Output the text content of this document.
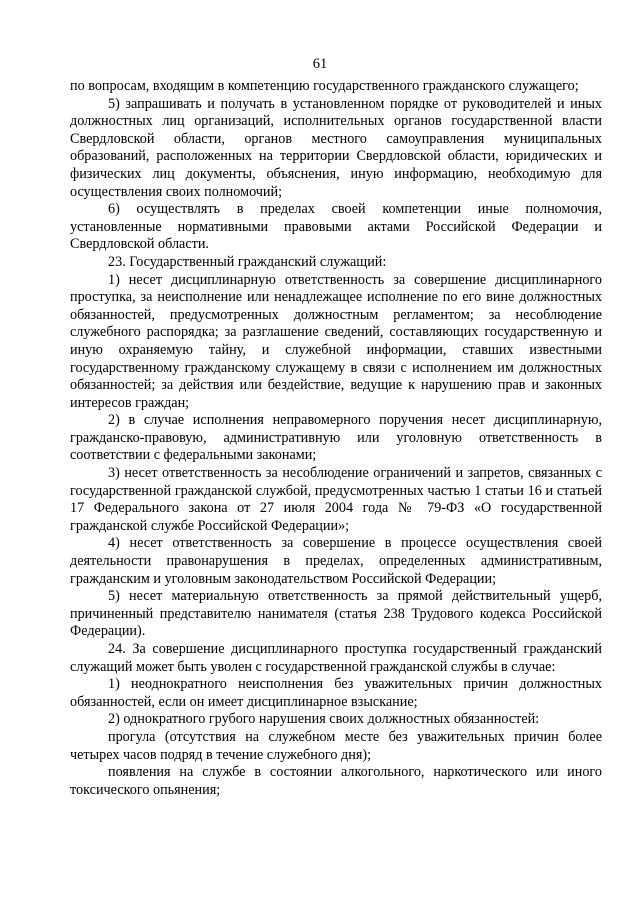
61

по вопросам, входящим в компетенцию государственного гражданского служащего;

5) запрашивать и получать в установленном порядке от руководителей и иных должностных лиц организаций, исполнительных органов государственной власти Свердловской области, органов местного самоуправления муниципальных образований, расположенных на территории Свердловской области, юридических и физических лиц документы, объяснения, иную информацию, необходимую для осуществления своих полномочий;

6) осуществлять в пределах своей компетенции иные полномочия, установленные нормативными правовыми актами Российской Федерации и Свердловской области.

23. Государственный гражданский служащий:

1) несет дисциплинарную ответственность за совершение дисциплинарного проступка, за неисполнение или ненадлежащее исполнение по его вине должностных обязанностей, предусмотренных должностным регламентом; за несоблюдение служебного распорядка; за разглашение сведений, составляющих государственную и иную охраняемую тайну, и служебной информации, ставших известными государственному гражданскому служащему в связи с исполнением им должностных обязанностей; за действия или бездействие, ведущие к нарушению прав и законных интересов граждан;

2) в случае исполнения неправомерного поручения несет дисциплинарную, гражданско-правовую, административную или уголовную ответственность в соответствии с федеральными законами;

3) несет ответственность за несоблюдение ограничений и запретов, связанных с государственной гражданской службой, предусмотренных частью 1 статьи 16 и статьей 17 Федерального закона от 27 июля 2004 года № 79-ФЗ «О государственной гражданской службе Российской Федерации»;

4) несет ответственность за совершение в процессе осуществления своей деятельности правонарушения в пределах, определенных административным, гражданским и уголовным законодательством Российской Федерации;

5) несет материальную ответственность за прямой действительный ущерб, причиненный представителю нанимателя (статья 238 Трудового кодекса Российской Федерации).

24. За совершение дисциплинарного проступка государственный гражданский служащий может быть уволен с государственной гражданской службы в случае:

1) неоднократного неисполнения без уважительных причин должностных обязанностей, если он имеет дисциплинарное взыскание;

2) однократного грубого нарушения своих должностных обязанностей:

прогула (отсутствия на служебном месте без уважительных причин более четырех часов подряд в течение служебного дня);

появления на службе в состоянии алкогольного, наркотического или иного токсического опьянения;
